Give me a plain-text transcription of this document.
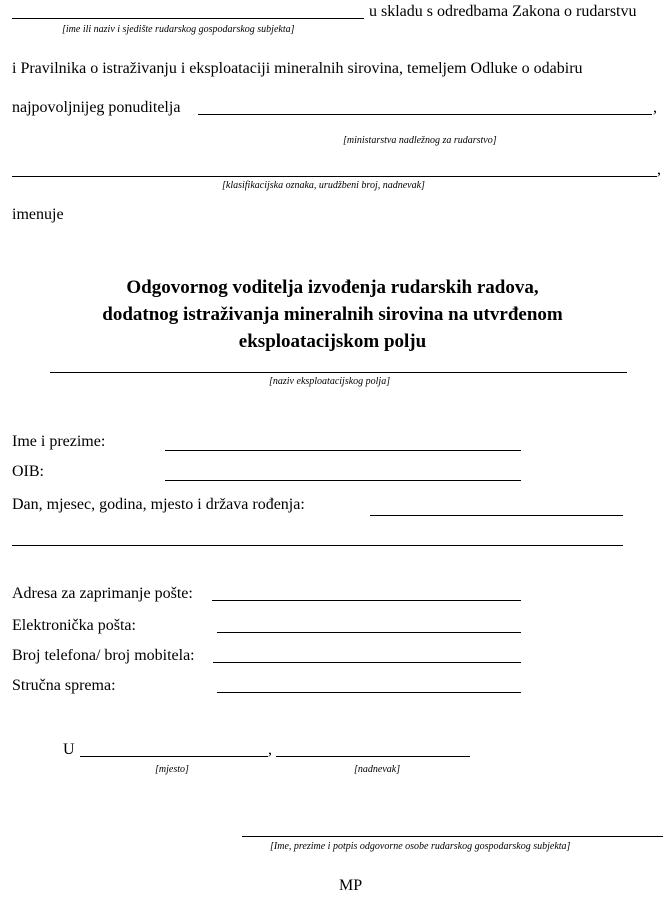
u skladu s odredbama Zakona o rudarstvu
[ime ili naziv i sjedište rudarskog gospodarskog subjekta]
i Pravilnika o istraživanju i eksploataciji mineralnih sirovina, temeljem Odluke o odabiru
najpovoljnijeg ponuditelja	,
[ministarstva nadležnog za rudarstvo]
,
[klasifikacijska oznaka, urudžbeni broj, nadnevak]
imenuje
Odgovornog voditelja izvođenja rudarskih radova,
dodatnog istraživanja mineralnih sirovina na utvrđenom
eksploatacijskom polju
[naziv eksploatacijskog polja]
Ime i prezime:
OIB:
Dan, mjesec, godina, mjesto i država rođenja:
Adresa za zaprimanje pošte:
Elektronička pošta:
Broj telefona/ broj mobitela:
Stručna sprema:
U	,
[mjesto]	[nadnevak]
[Ime, prezime i potpis odgovorne osobe rudarskog gospodarskog subjekta]
MP
